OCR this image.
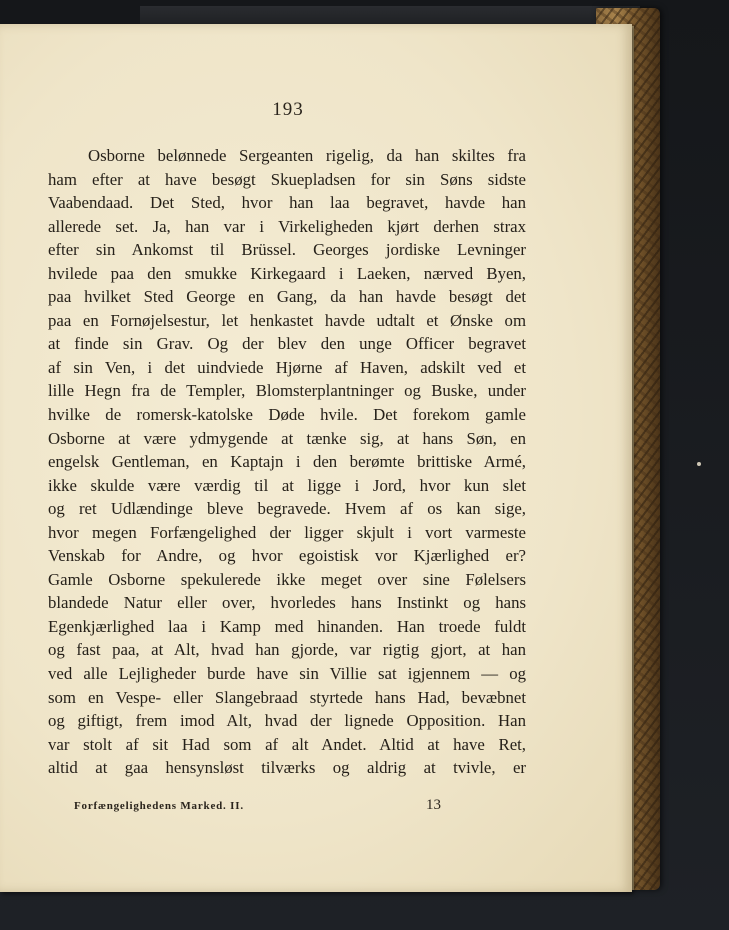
193
Osborne belønnede Sergeanten rigelig, da han skiltes fra
ham efter at have besøgt Skuepladsen for sin Søns sidste
Vaabendaad. Det Sted, hvor han laa begravet, havde han
allerede set. Ja, han var i Virkeligheden kjørt derhen strax
efter sin Ankomst til Brüssel. Georges jordiske Levninger
hvilede paa den smukke Kirkegaard i Laeken, nærved Byen,
paa hvilket Sted George en Gang, da han havde besøgt det
paa en Fornøjelsestur, let henkastet havde udtalt et Ønske om
at finde sin Grav. Og der blev den unge Officer begravet
af sin Ven, i det uindviede Hjørne af Haven, adskilt ved et
lille Hegn fra de Templer, Blomsterplantninger og Buske, under
hvilke de romersk-katolske Døde hvile. Det forekom gamle
Osborne at være ydmygende at tænke sig, at hans Søn, en
engelsk Gentleman, en Kaptajn i den berømte brittiske Armé,
ikke skulde være værdig til at ligge i Jord, hvor kun slet
og ret Udlændinge bleve begravede. Hvem af os kan sige,
hvor megen Forfængelighed der ligger skjult i vort varmeste
Venskab for Andre, og hvor egoistisk vor Kjærlighed er?
Gamle Osborne spekulerede ikke meget over sine Følelsers
blandede Natur eller over, hvorledes hans Instinkt og hans
Egenkjærlighed laa i Kamp med hinanden. Han troede fuldt
og fast paa, at Alt, hvad han gjorde, var rigtig gjort, at han
ved alle Lejligheder burde have sin Villie sat igjennem — og
som en Vespe- eller Slangebraad styrtede hans Had, bevæbnet
og giftigt, frem imod Alt, hvad der lignede Opposition. Han
var stolt af sit Had som af alt Andet. Altid at have Ret,
altid at gaa hensynsløst tilværks og aldrig at tvivle, er
Forfængelighedens Marked. II.	13
